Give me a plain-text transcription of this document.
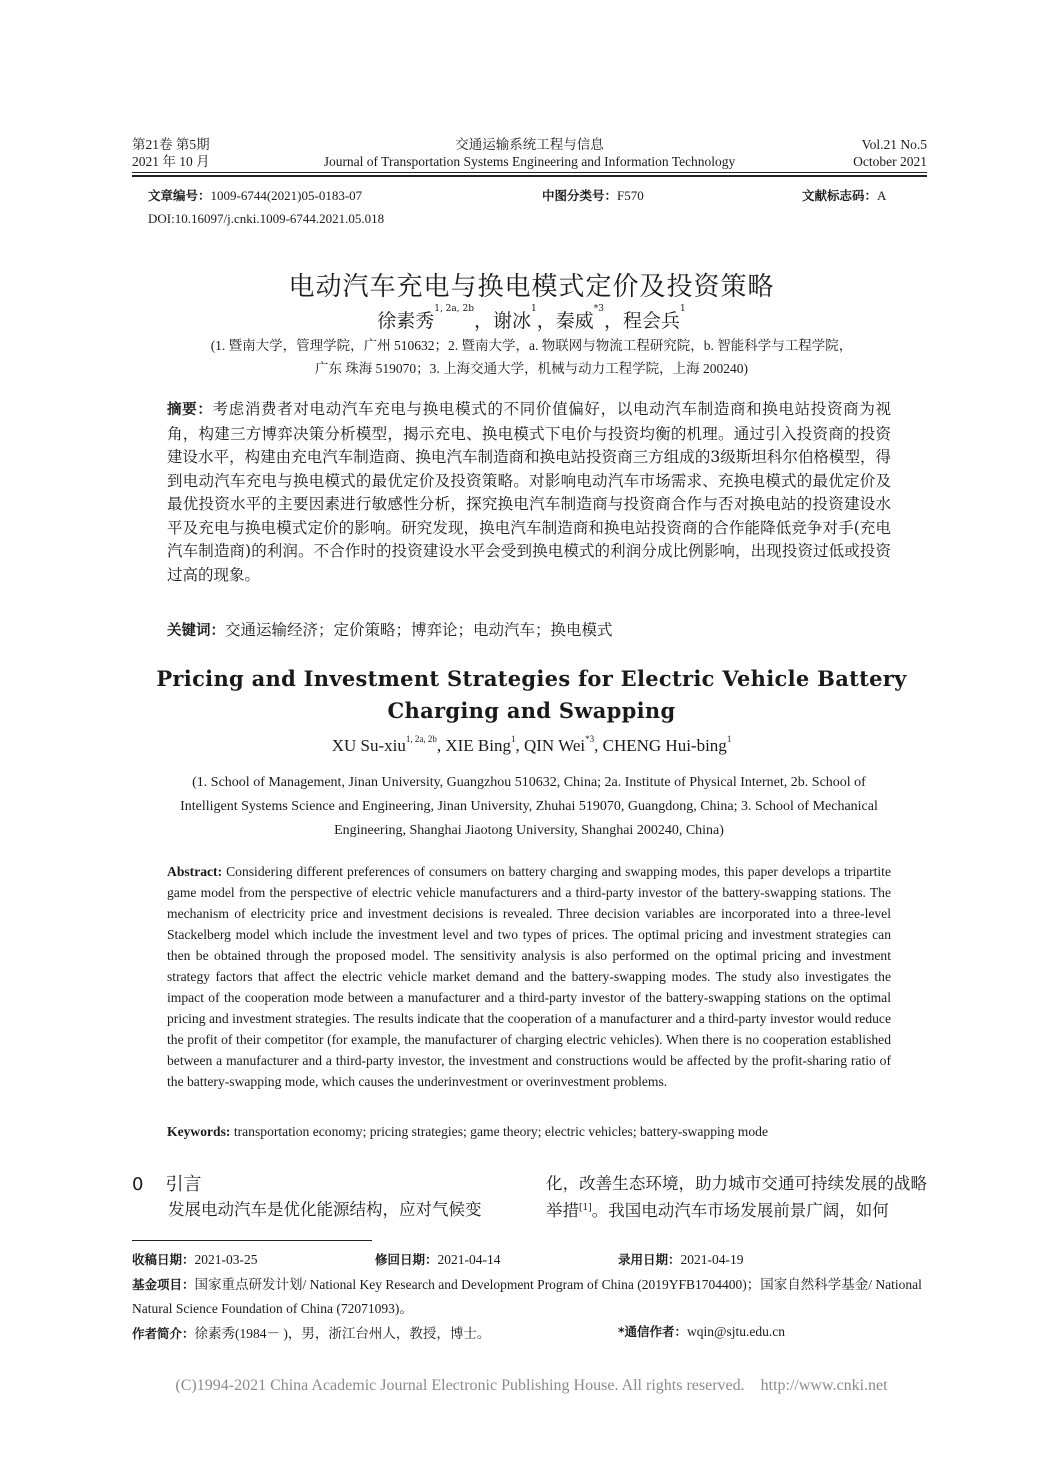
第21卷 第5期
2021 年 10 月
交通运输系统工程与信息
Journal of Transportation Systems Engineering and Information Technology
Vol.21 No.5
October 2021
文章编号：1009-6744(2021)05-0183-07	中图分类号：F570	文献标志码：A
DOI:10.16097/j.cnki.1009-6744.2021.05.018
电动汽车充电与换电模式定价及投资策略
徐素秀$^{1, 2a, 2b}$，谢冰$^1$，秦威$^{*3}$，程会兵$^1$
(1. 暨南大学，管理学院，广州 510632；2. 暨南大学，a. 物联网与物流工程研究院，b. 智能科学与工程学院，
广东 珠海 519070；3. 上海交通大学，机械与动力工程学院，上海 200240)
摘要：考虑消费者对电动汽车充电与换电模式的不同价值偏好，以电动汽车制造商和换电站投资商为视角，构建三方博弈决策分析模型，揭示充电、换电模式下电价与投资均衡的机理。通过引入投资商的投资建设水平，构建由充电汽车制造商、换电汽车制造商和换电站投资商三方组成的3级斯坦科尔伯格模型，得到电动汽车充电与换电模式的最优定价及投资策略。对影响电动汽车市场需求、充换电模式的最优定价及最优投资水平的主要因素进行敏感性分析，探究换电汽车制造商与投资商合作与否对换电站的投资建设水平及充电与换电模式定价的影响。研究发现，换电汽车制造商和换电站投资商的合作能降低竞争对手(充电汽车制造商)的利润。不合作时的投资建设水平会受到换电模式的利润分成比例影响，出现投资过低或投资过高的现象。
关键词：交通运输经济；定价策略；博弈论；电动汽车；换电模式
Pricing and Investment Strategies for Electric Vehicle Battery
Charging and Swapping
XU Su-xiu$^{1, 2a, 2b}$, XIE Bing$^1$, QIN Wei$^{*3}$, CHENG Hui-bing$^1$
(1. School of Management, Jinan University, Guangzhou 510632, China; 2a. Institute of Physical Internet, 2b. School of Intelligent Systems Science and Engineering, Jinan University, Zhuhai 519070, Guangdong, China; 3. School of Mechanical Engineering, Shanghai Jiaotong University, Shanghai 200240, China)
Abstract: Considering different preferences of consumers on battery charging and swapping modes, this paper develops a tripartite game model from the perspective of electric vehicle manufacturers and a third-party investor of the battery-swapping stations. The mechanism of electricity price and investment decisions is revealed. Three decision variables are incorporated into a three-level Stackelberg model which include the investment level and two types of prices. The optimal pricing and investment strategies can then be obtained through the proposed model. The sensitivity analysis is also performed on the optimal pricing and investment strategy factors that affect the electric vehicle market demand and the battery-swapping modes. The study also investigates the impact of the cooperation mode between a manufacturer and a third-party investor of the battery-swapping stations on the optimal pricing and investment strategies. The results indicate that the cooperation of a manufacturer and a third-party investor would reduce the profit of their competitor (for example, the manufacturer of charging electric vehicles). When there is no cooperation established between a manufacturer and a third-party investor, the investment and constructions would be affected by the profit-sharing ratio of the battery-swapping mode, which causes the underinvestment or overinvestment problems.
Keywords: transportation economy; pricing strategies; game theory; electric vehicles; battery-swapping mode
0 引言
发展电动汽车是优化能源结构，应对气候变
化，改善生态环境，助力城市交通可持续发展的战略举措[1]。我国电动汽车市场发展前景广阔，如何
收稿日期：2021-03-25	修回日期：2021-04-14	录用日期：2021-04-19
基金项目：国家重点研发计划/ National Key Research and Development Program of China (2019YFB1704400)；国家自然科学基金/ National Natural Science Foundation of China (72071093)。
作者简介：徐素秀(1984－ )，男，浙江台州人，教授，博士。	*通信作者：wqin@sjtu.edu.cn
(C)1994-2021 China Academic Journal Electronic Publishing House. All rights reserved.    http://www.cnki.net
